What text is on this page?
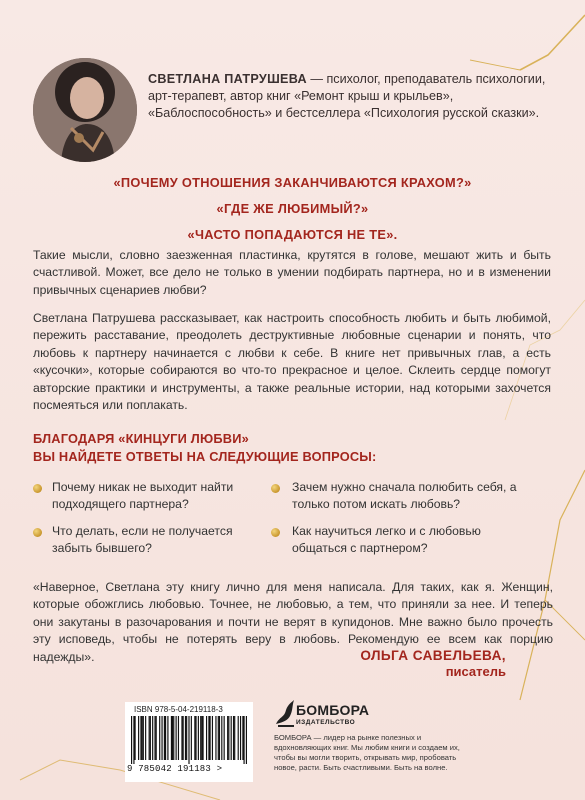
СВЕТЛАНА ПАТРУШЕВА — психолог, преподаватель психологии, арт-терапевт, автор книг «Ремонт крыш и крыльев», «Баблоспособность» и бестселлера «Психология русской сказки».
«ПОЧЕМУ ОТНОШЕНИЯ ЗАКАНЧИВАЮТСЯ КРАХОМ?»
«ГДЕ ЖЕ ЛЮБИМЫЙ?»
«ЧАСТО ПОПАДАЮТСЯ НЕ ТЕ».
Такие мысли, словно заезженная пластинка, крутятся в голове, мешают жить и быть счастливой. Может, все дело не только в умении подбирать партнера, но и в изменении привычных сценариев любви?
Светлана Патрушева рассказывает, как настроить способность любить и быть любимой, пережить расставание, преодолеть деструктивные любовные сценарии и понять, что любовь к партнеру начинается с любви к себе. В книге нет привычных глав, а есть «кусочки», которые собираются во что-то прекрасное и целое. Склеить сердце помогут авторские практики и инструменты, а также реальные истории, над которыми захочется посмеяться или поплакать.
БЛАГОДАРЯ «КИНЦУГИ ЛЮБВИ»
ВЫ НАЙДЕТЕ ОТВЕТЫ НА СЛЕДУЮЩИЕ ВОПРОСЫ:
Почему никак не выходит найти подходящего партнера?
Зачем нужно сначала полюбить себя, а только потом искать любовь?
Что делать, если не получается забыть бывшего?
Как научиться легко и с любовью общаться с партнером?
«Наверное, Светлана эту книгу лично для меня написала. Для таких, как я. Женщин, которые обожглись любовью. Точнее, не любовью, а тем, что приняли за нее. И теперь они закутаны в разочарования и почти не верят в купидонов. Мне важно было прочесть эту исповедь, чтобы не потерять веру в любовь. Рекомендую ее всем как порцию надежды».	ОЛЬГА САВЕЛЬЕВА,
писатель
ISBN 978-5-04-219118-3
9 785042 191183 >
БОМБОРА
ИЗДАТЕЛЬСТВО
БОМБОРА — лидер на рынке полезных и вдохновляющих книг. Мы любим книги и создаем их, чтобы вы могли творить, открывать мир, пробовать новое, расти. Быть счастливыми. Быть на волне.
